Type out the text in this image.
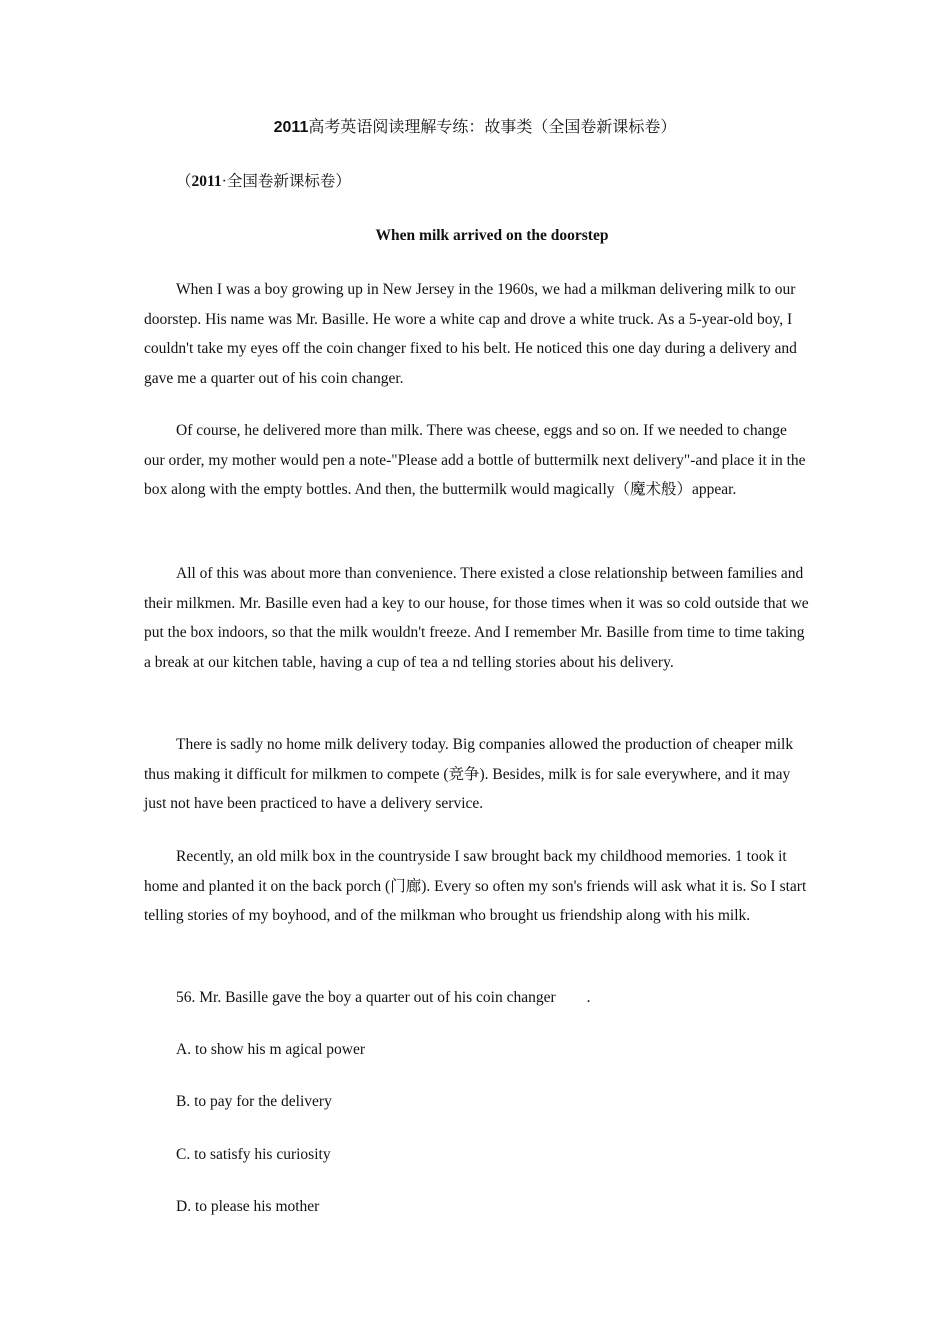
2011高考英语阅读理解专练：故事类（全国卷新课标卷）
（2011·全国卷新课标卷）
When milk arrived on the doorstep

When I was a boy growing up in New Jersey in the 1960s, we had a milkman delivering milk to our doorstep. His name was Mr. Basille. He wore a white cap and drove a white truck. As a 5-year-old boy, I couldn't take my eyes off the coin changer fixed to his belt. He noticed this one day during a delivery and gave me a quarter out of his coin changer.

Of course, he delivered more than milk. There was cheese, eggs and so on. If we needed to change our order, my mother would pen a note-"Please add a bottle of buttermilk next delivery"-and place it in the box along with the empty bottles. And then, the buttermilk would magically（魔术般）appear.

All of this was about more than convenience. There existed a close relationship between families and their milkmen. Mr. Basille even had a key to our house, for those times when it was so cold outside that we put the box indoors, so that the milk wouldn't freeze. And I remember Mr. Basille from time to time taking a break at our kitchen table, having a cup of tea a nd telling stories about his delivery.

There is sadly no home milk delivery today. Big companies allowed the production of cheaper milk thus making it difficult for milkmen to compete (竞争). Besides, milk is for sale everywhere, and it may just not have been practiced to have a delivery service.

Recently, an old milk box in the countryside I saw brought back my childhood memories. 1 took it home and planted it on the back porch (门廊). Every so often my son's friends will ask what it is. So I start telling stories of my boyhood, and of the milkman who brought us friendship along with his milk.

56. Mr. Basille gave the boy a quarter out of his coin changer        .
A. to show his m agical power
B. to pay for the delivery
C. to satisfy his curiosity
D. to please his mother
